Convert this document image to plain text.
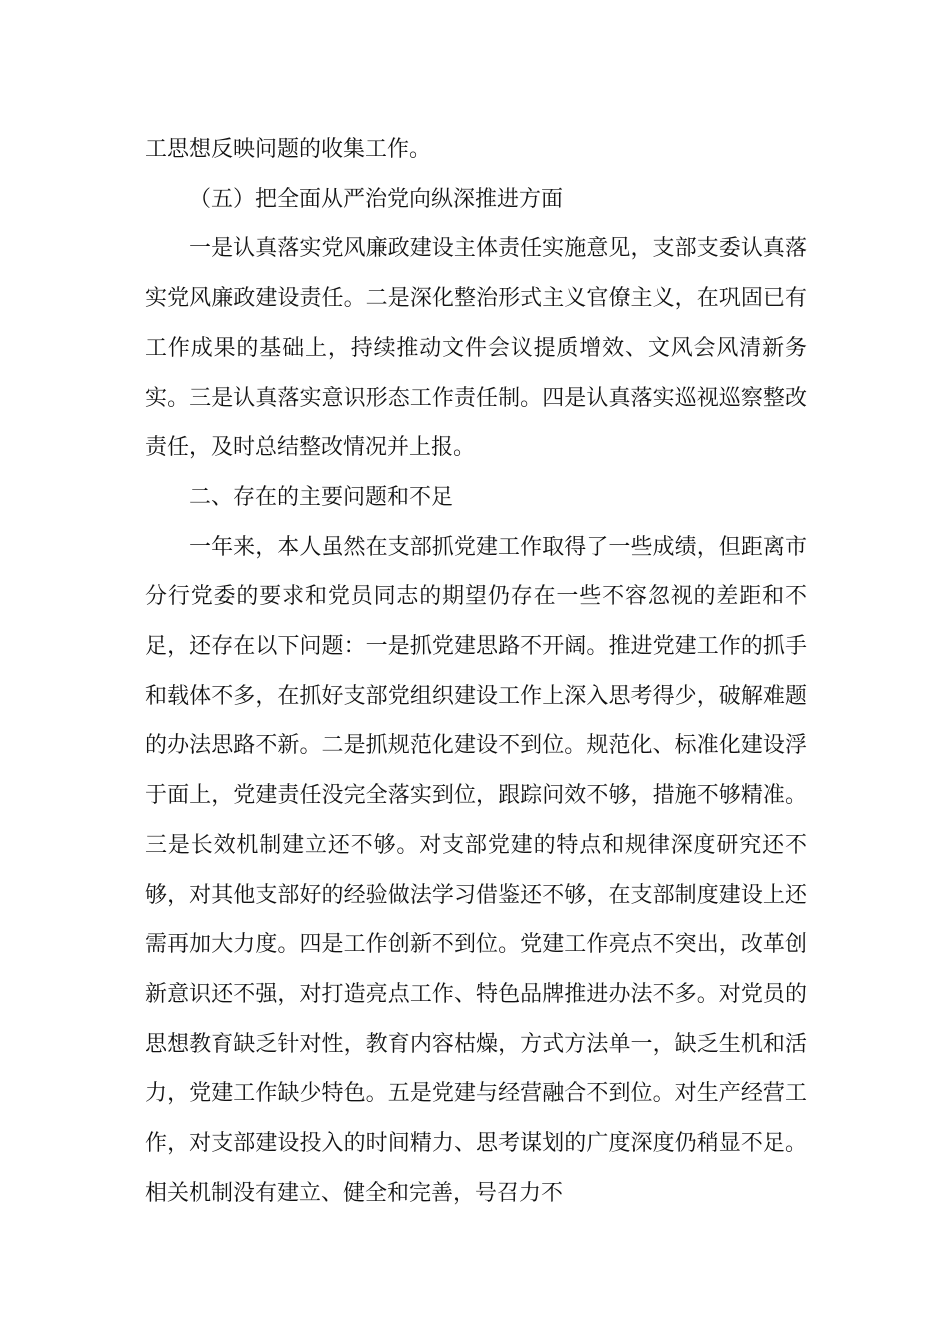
工思想反映问题的收集工作。

（五）把全面从严治党向纵深推进方面

一是认真落实党风廉政建设主体责任实施意见，支部支委认真落实党风廉政建设责任。二是深化整治形式主义官僚主义，在巩固已有工作成果的基础上，持续推动文件会议提质增效、文风会风清新务实。三是认真落实意识形态工作责任制。四是认真落实巡视巡察整改责任，及时总结整改情况并上报。

二、存在的主要问题和不足

一年来，本人虽然在支部抓党建工作取得了一些成绩，但距离市分行党委的要求和党员同志的期望仍存在一些不容忽视的差距和不足，还存在以下问题：一是抓党建思路不开阔。推进党建工作的抓手和载体不多，在抓好支部党组织建设工作上深入思考得少，破解难题的办法思路不新。二是抓规范化建设不到位。规范化、标准化建设浮于面上，党建责任没完全落实到位，跟踪问效不够，措施不够精准。三是长效机制建立还不够。对支部党建的特点和规律深度研究还不够，对其他支部好的经验做法学习借鉴还不够，在支部制度建设上还需再加大力度。四是工作创新不到位。党建工作亮点不突出，改革创新意识还不强，对打造亮点工作、特色品牌推进办法不多。对党员的思想教育缺乏针对性，教育内容枯燥，方式方法单一，缺乏生机和活力，党建工作缺少特色。五是党建与经营融合不到位。对生产经营工作，对支部建设投入的时间精力、思考谋划的广度深度仍稍显不足。相关机制没有建立、健全和完善，号召力不
